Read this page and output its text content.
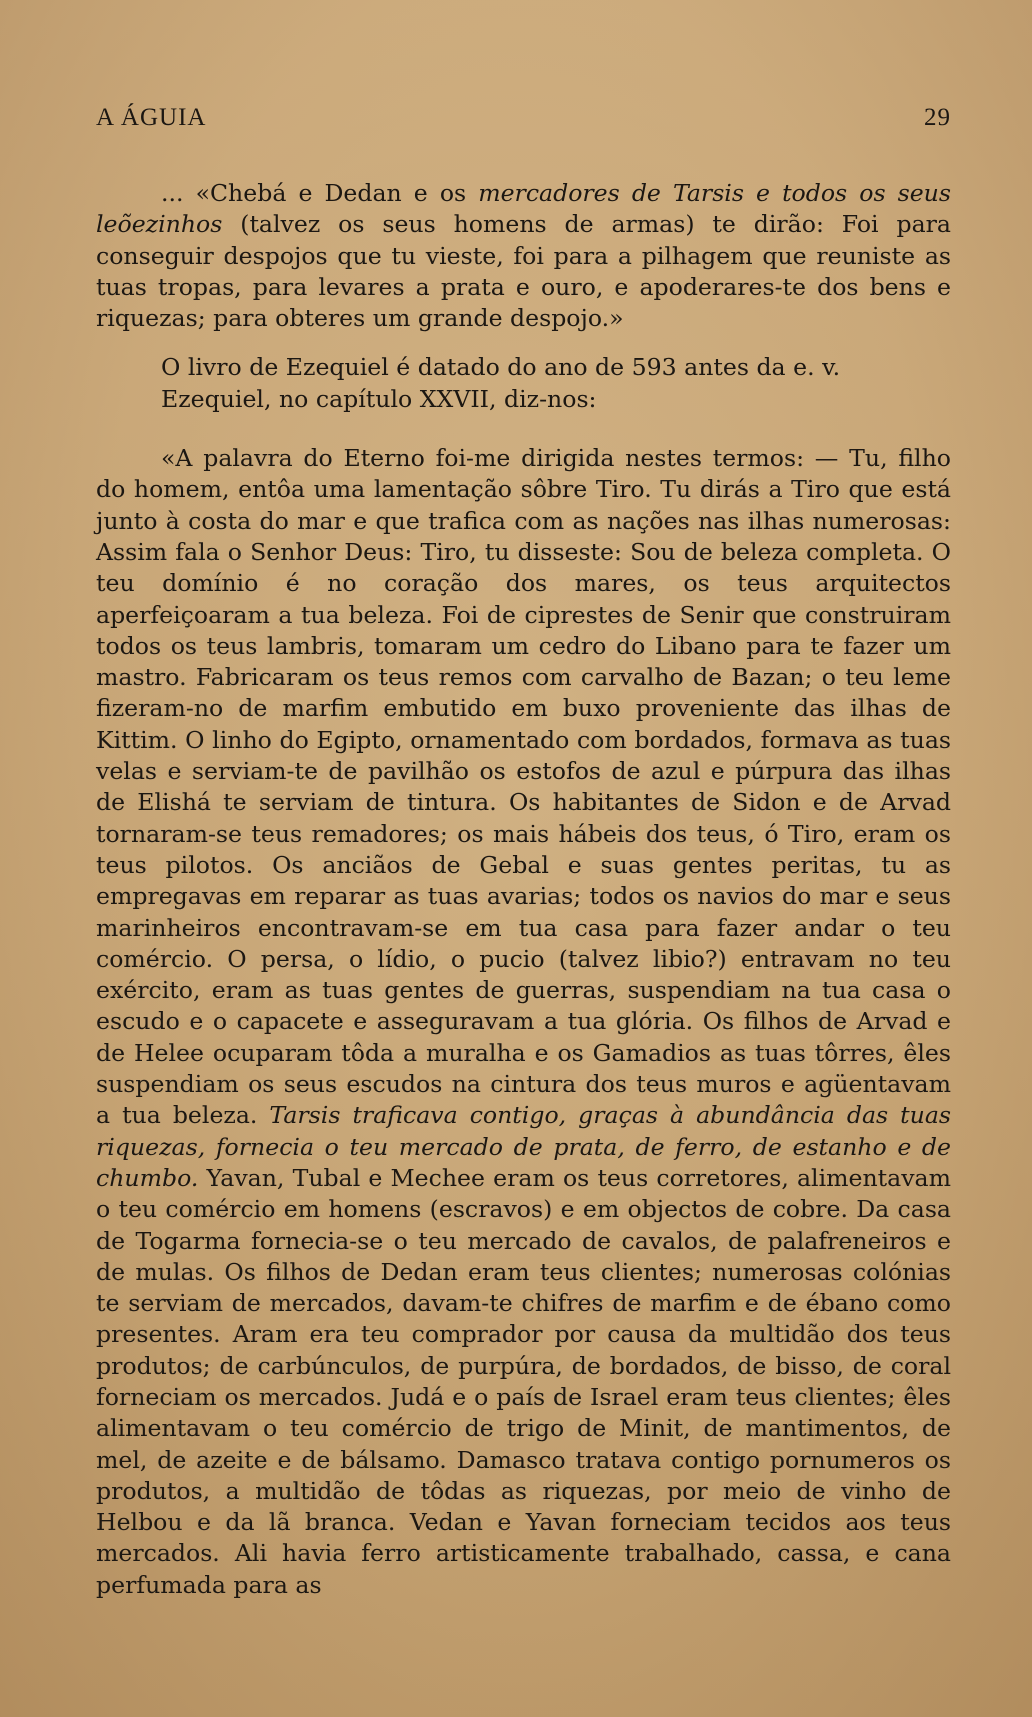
A ÁGUIA	29

... «Chebá e Dedan e os mercadores de Tarsis e todos os seus leõezinhos (talvez os seus homens de armas) te dirão: Foi para conseguir despojos que tu vieste, foi para a pilhagem que reuniste as tuas tropas, para levares a prata e ouro, e apoderares-te dos bens e riquezas; para obteres um grande despojo.»

O livro de Ezequiel é datado do ano de 593 antes da e. v.

Ezequiel, no capítulo XXVII, diz-nos:

«A palavra do Eterno foi-me dirigida nestes termos: — Tu, filho do homem, entôa uma lamentação sôbre Tiro. Tu dirás a Tiro que está junto à costa do mar e que trafica com as nações nas ilhas numerosas: Assim fala o Senhor Deus: Tiro, tu disseste: Sou de beleza completa. O teu domínio é no coração dos mares, os teus arquitectos aperfeiçoaram a tua beleza. Foi de ciprestes de Senir que construiram todos os teus lambris, tomaram um cedro do Libano para te fazer um mastro. Fabricaram os teus remos com carvalho de Bazan; o teu leme fizeram-no de marfim embutido em buxo proveniente das ilhas de Kittim. O linho do Egipto, ornamentado com bordados, formava as tuas velas e serviam-te de pavilhão os estofos de azul e púrpura das ilhas de Elishá te serviam de tintura. Os habitantes de Sidon e de Arvad tornaram-se teus remadores; os mais hábeis dos teus, ó Tiro, eram os teus pilotos. Os anciãos de Gebal e suas gentes peritas, tu as empregavas em reparar as tuas avarias; todos os navios do mar e seus marinheiros encontravam-se em tua casa para fazer andar o teu comércio. O persa, o lídio, o pucio (talvez libio?) entravam no teu exército, eram as tuas gentes de guerras, suspendiam na tua casa o escudo e o capacete e asseguravam a tua glória. Os filhos de Arvad e de Helee ocuparam tôda a muralha e os Gamadios as tuas tôrres, êles suspendiam os seus escudos na cintura dos teus muros e agüentavam a tua beleza. Tarsis traficava contigo, graças à abundância das tuas riquezas, fornecia o teu mercado de prata, de ferro, de estanho e de chumbo. Yavan, Tubal e Mechee eram os teus corretores, alimentavam o teu comércio em homens (escravos) e em objectos de cobre. Da casa de Togarma fornecia-se o teu mercado de cavalos, de palafreneiros e de mulas. Os filhos de Dedan eram teus clientes; numerosas colónias te serviam de mercados, davam-te chifres de marfim e de ébano como presentes. Aram era teu comprador por causa da multidão dos teus produtos; de carbúnculos, de purpúra, de bordados, de bisso, de coral forneciam os mercados. Judá e o país de Israel eram teus clientes; êles alimentavam o teu comércio de trigo de Minit, de mantimentos, de mel, de azeite e de bálsamo. Damasco tratava contigo pornumeros os produtos, a multidão de tôdas as riquezas, por meio de vinho de Helbou e da lã branca. Vedan e Yavan forneciam tecidos aos teus mercados. Ali havia ferro artisticamente trabalhado, cassa, e cana perfumada para as
